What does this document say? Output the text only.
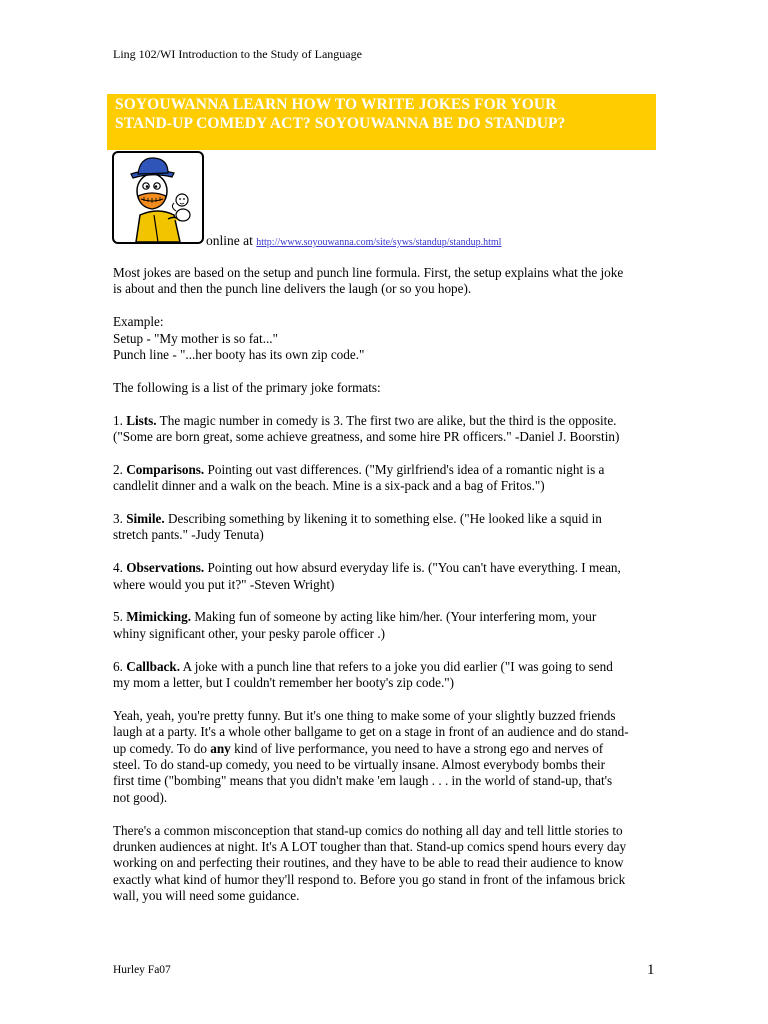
Ling 102/WI Introduction to the Study of Language
SOYOUWANNA LEARN HOW TO WRITE JOKES FOR YOUR
STAND-UP COMEDY ACT? SOYOUWANNA BE DO STANDUP?
online at http://www.soyouwanna.com/site/syws/standup/standup.html

Most jokes are based on the setup and punch line formula. First, the setup explains what the joke
is about and then the punch line delivers the laugh (or so you hope).

Example:
Setup - "My mother is so fat..."
Punch line - "...her booty has its own zip code."

The following is a list of the primary joke formats:

1. Lists. The magic number in comedy is 3. The first two are alike, but the third is the opposite.
("Some are born great, some achieve greatness, and some hire PR officers." -Daniel J. Boorstin)

2. Comparisons. Pointing out vast differences. ("My girlfriend's idea of a romantic night is a
candlelit dinner and a walk on the beach. Mine is a six-pack and a bag of Fritos.")

3. Simile. Describing something by likening it to something else. ("He looked like a squid in
stretch pants." -Judy Tenuta)

4. Observations. Pointing out how absurd everyday life is. ("You can't have everything. I mean,
where would you put it?" -Steven Wright)

5. Mimicking. Making fun of someone by acting like him/her. (Your interfering mom, your
whiny significant other, your pesky parole officer .)

6. Callback. A joke with a punch line that refers to a joke you did earlier ("I was going to send
my mom a letter, but I couldn't remember her booty's zip code.")

Yeah, yeah, you're pretty funny. But it's one thing to make some of your slightly buzzed friends
laugh at a party. It's a whole other ballgame to get on a stage in front of an audience and do stand-
up comedy. To do any kind of live performance, you need to have a strong ego and nerves of
steel. To do stand-up comedy, you need to be virtually insane. Almost everybody bombs their
first time ("bombing" means that you didn't make 'em laugh . . . in the world of stand-up, that's
not good).

There's a common misconception that stand-up comics do nothing all day and tell little stories to
drunken audiences at night. It's A LOT tougher than that. Stand-up comics spend hours every day
working on and perfecting their routines, and they have to be able to read their audience to know
exactly what kind of humor they'll respond to. Before you go stand in front of the infamous brick
wall, you will need some guidance.

Hurley Fa07	1
